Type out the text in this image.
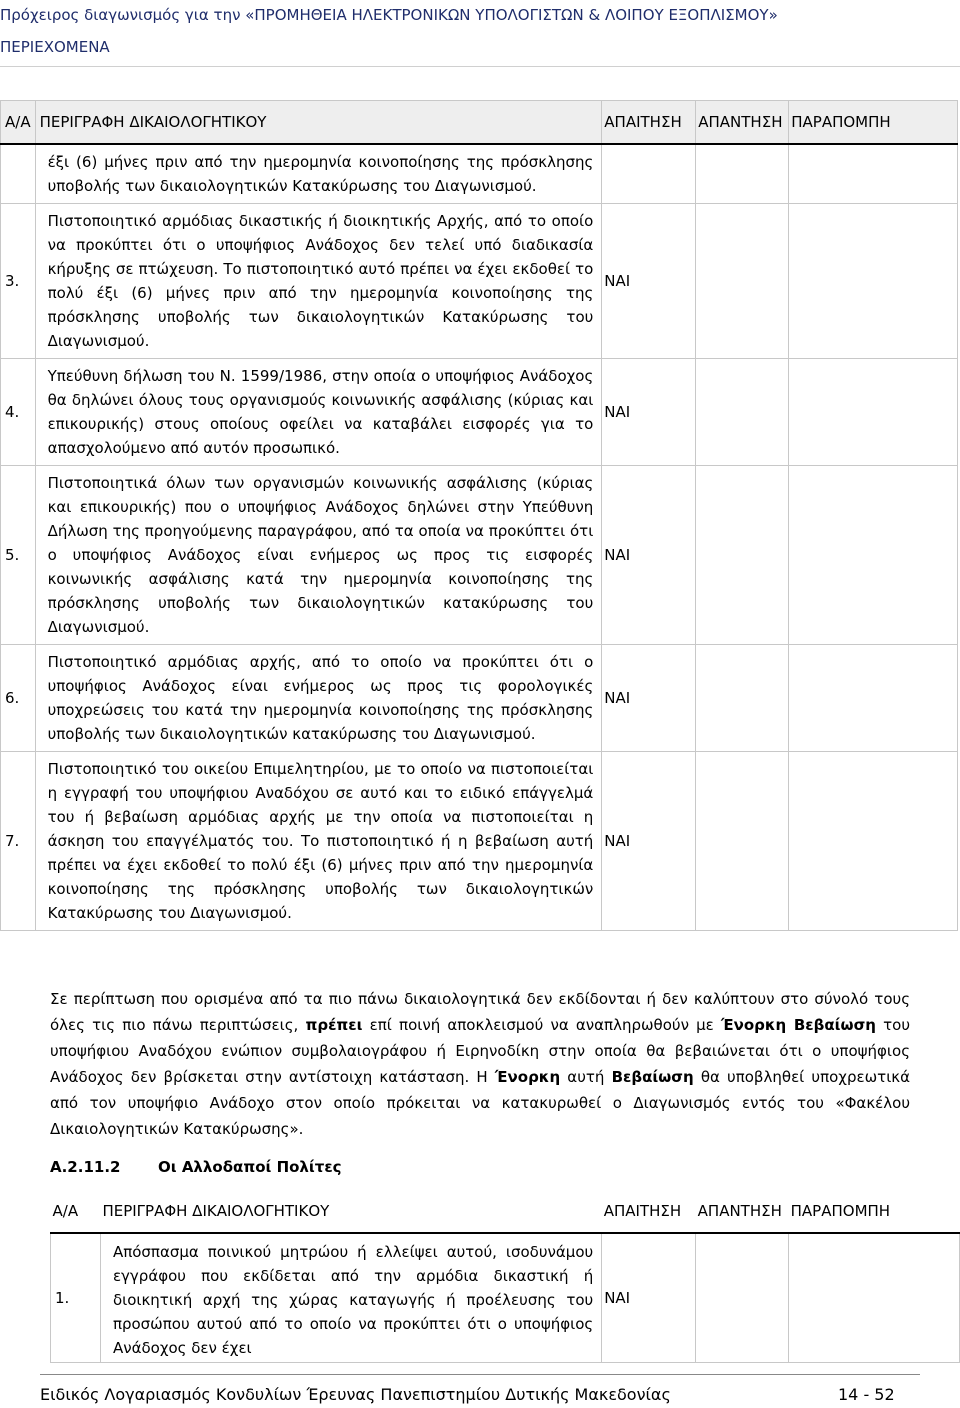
Πρόχειρος διαγωνισμός για την «ΠΡΟΜΗΘΕΙΑ ΗΛΕΚΤΡΟΝΙΚΩΝ ΥΠΟΛΟΓΙΣΤΩΝ & ΛΟΙΠΟΥ ΕΞΟΠΛΙΣΜΟΥ»
ΠΕΡΙΕΧΟΜΕΝΑ
Α/Α	ΠΕΡΙΓΡΑΦΗ ΔΙΚΑΙΟΛΟΓΗΤΙΚΟΥ	ΑΠΑΙΤΗΣΗ	ΑΠΑΝΤΗΣΗ	ΠΑΡΑΠΟΜΠΗ
	έξι (6) μήνες πριν από την ημερομηνία κοινοποίησης της πρόσκλησης υποβολής των δικαιολογητικών Κατακύρωσης του Διαγωνισμού.			
3.	Πιστοποιητικό αρμόδιας δικαστικής ή διοικητικής Αρχής, από το οποίο να προκύπτει ότι ο υποψήφιος Ανάδοχος δεν τελεί υπό διαδικασία κήρυξης σε πτώχευση. Το πιστοποιητικό αυτό πρέπει να έχει εκδοθεί το πολύ έξι (6) μήνες πριν από την ημερομηνία κοινοποίησης της πρόσκλησης υποβολής των δικαιολογητικών Κατακύρωσης του Διαγωνισμού.	ΝΑΙ		
4.	Υπεύθυνη δήλωση του Ν. 1599/1986, στην οποία ο υποψήφιος Ανάδοχος θα δηλώνει όλους τους οργανισμούς κοινωνικής ασφάλισης (κύριας και επικουρικής) στους οποίους οφείλει να καταβάλει εισφορές για το απασχολούμενο από αυτόν προσωπικό.	ΝΑΙ		
5.	Πιστοποιητικά όλων των οργανισμών κοινωνικής ασφάλισης (κύριας και επικουρικής) που ο υποψήφιος Ανάδοχος δηλώνει στην Υπεύθυνη Δήλωση της προηγούμενης παραγράφου, από τα οποία να προκύπτει ότι ο υποψήφιος Ανάδοχος είναι ενήμερος ως προς τις εισφορές κοινωνικής ασφάλισης κατά την ημερομηνία κοινοποίησης της πρόσκλησης υποβολής των δικαιολογητικών κατακύρωσης του Διαγωνισμού.	ΝΑΙ		
6.	Πιστοποιητικό αρμόδιας αρχής, από το οποίο να προκύπτει ότι ο υποψήφιος Ανάδοχος είναι ενήμερος ως προς τις φορολογικές υποχρεώσεις του κατά την ημερομηνία κοινοποίησης της πρόσκλησης υποβολής των δικαιολογητικών κατακύρωσης του Διαγωνισμού.	ΝΑΙ		
7.	Πιστοποιητικό του οικείου Επιμελητηρίου, με το οποίο να πιστοποιείται η εγγραφή του υποψήφιου Αναδόχου σε αυτό και το ειδικό επάγγελμά του ή βεβαίωση αρμόδιας αρχής με την οποία να πιστοποιείται η άσκηση του επαγγέλματός του. Το πιστοποιητικό ή η βεβαίωση αυτή πρέπει να έχει εκδοθεί το πολύ έξι (6) μήνες πριν από την ημερομηνία κοινοποίησης της πρόσκλησης υποβολής των δικαιολογητικών Κατακύρωσης του Διαγωνισμού.	ΝΑΙ		
Σε περίπτωση που ορισμένα από τα πιο πάνω δικαιολογητικά δεν εκδίδονται ή δεν καλύπτουν στο σύνολό τους όλες τις πιο πάνω περιπτώσεις, πρέπει επί ποινή αποκλεισμού να αναπληρωθούν με Ένορκη Βεβαίωση του υποψήφιου Αναδόχου ενώπιον συμβολαιογράφου ή Ειρηνοδίκη στην οποία θα βεβαιώνεται ότι ο υποψήφιος Ανάδοχος δεν βρίσκεται στην αντίστοιχη κατάσταση. Η Ένορκη αυτή Βεβαίωση θα υποβληθεί υποχρεωτικά από τον υποψήφιο Ανάδοχο στον οποίο πρόκειται να κατακυρωθεί ο Διαγωνισμός εντός του «Φακέλου Δικαιολογητικών Κατακύρωσης».
Α.2.11.2	Οι Αλλοδαποί Πολίτες
Α/Α	ΠΕΡΙΓΡΑΦΗ ΔΙΚΑΙΟΛΟΓΗΤΙΚΟΥ	ΑΠΑΙΤΗΣΗ	ΑΠΑΝΤΗΣΗ	ΠΑΡΑΠΟΜΠΗ
1.	Απόσπασμα ποινικού μητρώου ή ελλείψει αυτού, ισοδυνάμου εγγράφου που εκδίδεται από την αρμόδια δικαστική ή διοικητική αρχή της χώρας καταγωγής ή προέλευσης του προσώπου αυτού από το οποίο να προκύπτει ότι ο υποψήφιος Ανάδοχος δεν έχει	ΝΑΙ		
Ειδικός Λογαριασμός Κονδυλίων Έρευνας Πανεπιστημίου Δυτικής Μακεδονίας	14 - 52
